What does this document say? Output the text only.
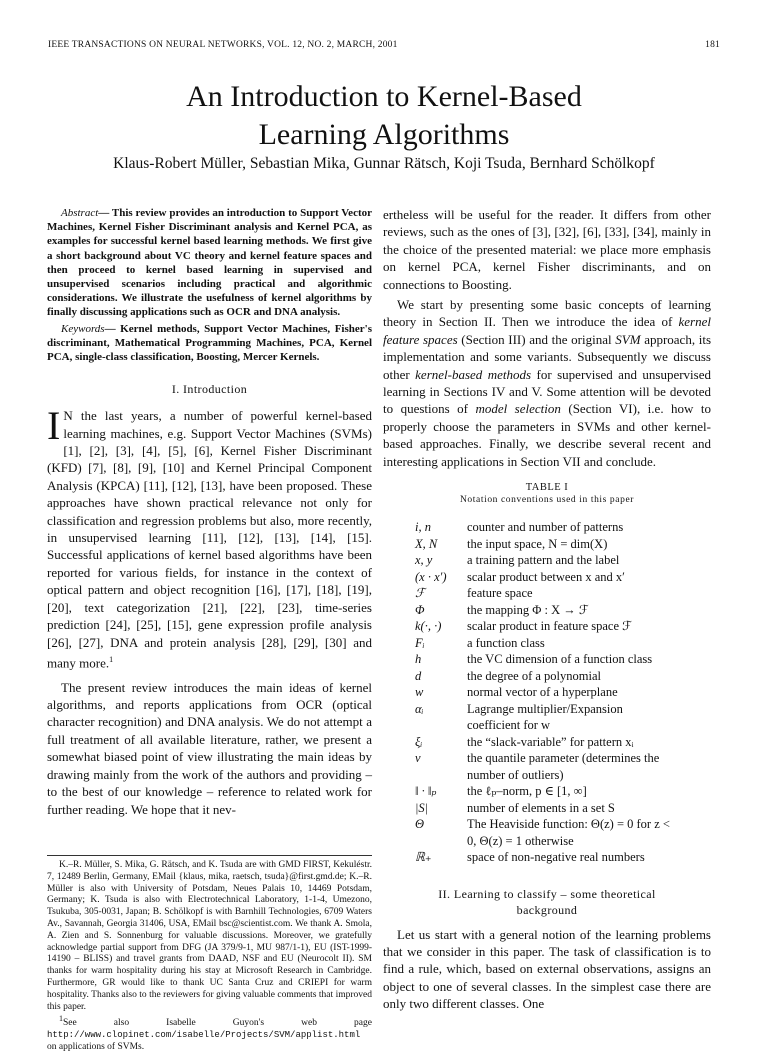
IEEE TRANSACTIONS ON NEURAL NETWORKS, VOL. 12, NO. 2, MARCH, 2001	181
An Introduction to Kernel-Based
Learning Algorithms
Klaus-Robert Müller, Sebastian Mika, Gunnar Rätsch, Koji Tsuda, Bernhard Schölkopf

Abstract— This review provides an introduction to Support Vector Machines, Kernel Fisher Discriminant analysis and Kernel PCA, as examples for successful kernel based learning methods. We first give a short background about VC theory and kernel feature spaces and then proceed to kernel based learning in supervised and unsupervised scenarios including practical and algorithmic considerations. We illustrate the usefulness of kernel algorithms by finally discussing applications such as OCR and DNA analysis.

Keywords— Kernel methods, Support Vector Machines, Fisher's discriminant, Mathematical Programming Machines, PCA, Kernel PCA, single-class classification, Boosting, Mercer Kernels.

I. Introduction

I N the last years, a number of powerful kernel-based learning machines, e.g. Support Vector Machines (SVMs) [1], [2], [3], [4], [5], [6], Kernel Fisher Discriminant (KFD) [7], [8], [9], [10] and Kernel Principal Component Analysis (KPCA) [11], [12], [13], have been proposed. These approaches have shown practical relevance not only for classification and regression problems but also, more recently, in unsupervised learning [11], [12], [13], [14], [15]. Successful applications of kernel based algorithms have been reported for various fields, for instance in the context of optical pattern and object recognition [16], [17], [18], [19], [20], text categorization [21], [22], [23], time-series prediction [24], [25], [15], gene expression profile analysis [26], [27], DNA and protein analysis [28], [29], [30] and many more.$^1$

The present review introduces the main ideas of kernel algorithms, and reports applications from OCR (optical character recognition) and DNA analysis. We do not attempt a full treatment of all available literature, rather, we present a somewhat biased point of view illustrating the main ideas by drawing mainly from the work of the authors and providing – to the best of our knowledge – reference to related work for further reading. We hope that it nev-

K.–R. Müller, S. Mika, G. Rätsch, and K. Tsuda are with GMD FIRST, Kekuléstr. 7, 12489 Berlin, Germany, EMail {klaus, mika, raetsch, tsuda}@first.gmd.de; K.–R. Müller is also with University of Potsdam, Neues Palais 10, 14469 Potsdam, Germany; K. Tsuda is also with Electrotechnical Laboratory, 1-1-4, Umezono, Tsukuba, 305-0031, Japan; B. Schölkopf is with Barnhill Technologies, 6709 Waters Av., Savannah, Georgia 31406, USA, EMail bsc@scientist.com. We thank A. Smola, A. Zien and S. Sonnenburg for valuable discussions. Moreover, we gratefully acknowledge partial support from DFG (JA 379/9-1, MU 987/1-1), EU (IST-1999-14190 – BLISS) and travel grants from DAAD, NSF and EU (Neurocolt II). SM thanks for warm hospitality during his stay at Microsoft Research in Cambridge. Furthermore, GR would like to thank UC Santa Cruz and CRIEPI for warm hospitality. Thanks also to the reviewers for giving valuable comments that improved this paper.

$^1$See also Isabelle Guyon's web page http://www.clopinet.com/isabelle/Projects/SVM/applist.html on applications of SVMs.

ertheless will be useful for the reader. It differs from other reviews, such as the ones of [3], [32], [6], [33], [34], mainly in the choice of the presented material: we place more emphasis on kernel PCA, kernel Fisher discriminants, and on connections to Boosting.

We start by presenting some basic concepts of learning theory in Section II. Then we introduce the idea of kernel feature spaces (Section III) and the original SVM approach, its implementation and some variants. Subsequently we discuss other kernel-based methods for supervised and unsupervised learning in Sections IV and V. Some attention will be devoted to questions of model selection (Section VI), i.e. how to properly choose the parameters in SVMs and other kernel-based approaches. Finally, we describe several recent and interesting applications in Section VII and conclude.

TABLE I
Notation conventions used in this paper
i, n	counter and number of patterns
X, N	the input space, N = dim(X)
x, y	a training pattern and the label
(x · x′)	scalar product between x and x′
ℱ	feature space
Φ	the mapping Φ : X → ℱ
k(·, ·)	scalar product in feature space ℱ
Fᵢ	a function class
h	the VC dimension of a function class
d	the degree of a polynomial
w	normal vector of a hyperplane
αᵢ	Lagrange multiplier/Expansion coefficient for w
ξᵢ	the “slack-variable” for pattern xᵢ
ν	the quantile parameter (determines the number of outliers)
‖ · ‖ₚ	the ℓₚ–norm, p ∈ [1, ∞]
|S|	number of elements in a set S
Θ	The Heaviside function: Θ(z) = 0 for z < 0, Θ(z) = 1 otherwise
ℝ₊	space of non-negative real numbers
II. Learning to classify – some theoretical
background

Let us start with a general notion of the learning problems that we consider in this paper. The task of classification is to find a rule, which, based on external observations, assigns an object to one of several classes. In the simplest case there are only two different classes. One
